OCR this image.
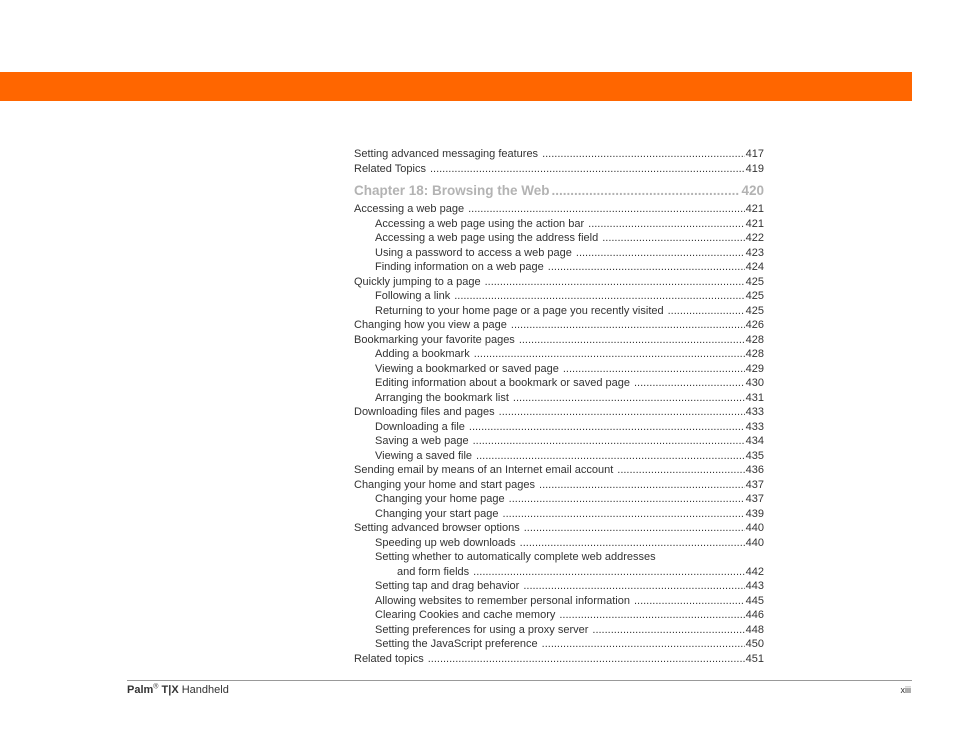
Setting advanced messaging features .....	417
Related Topics .....	419
Chapter 18: Browsing the Web .....	420
Accessing a web page .....	421
Accessing a web page using the action bar .....	421
Accessing a web page using the address field .....	422
Using a password to access a web page .....	423
Finding information on a web page .....	424
Quickly jumping to a page .....	425
Following a link .....	425
Returning to your home page or a page you recently visited .....	425
Changing how you view a page .....	426
Bookmarking your favorite pages .....	428
Adding a bookmark .....	428
Viewing a bookmarked or saved page .....	429
Editing information about a bookmark or saved page .....	430
Arranging the bookmark list .....	431
Downloading files and pages .....	433
Downloading a file .....	433
Saving a web page .....	434
Viewing a saved file .....	435
Sending email by means of an Internet email account .....	436
Changing your home and start pages .....	437
Changing your home page .....	437
Changing your start page .....	439
Setting advanced browser options .....	440
Speeding up web downloads .....	440
Setting whether to automatically complete web addresses
and form fields .....	442
Setting tap and drag behavior .....	443
Allowing websites to remember personal information .....	445
Clearing Cookies and cache memory .....	446
Setting preferences for using a proxy server .....	448
Setting the JavaScript preference .....	450
Related topics .....	451
Palm® T|X Handheld	xiii
